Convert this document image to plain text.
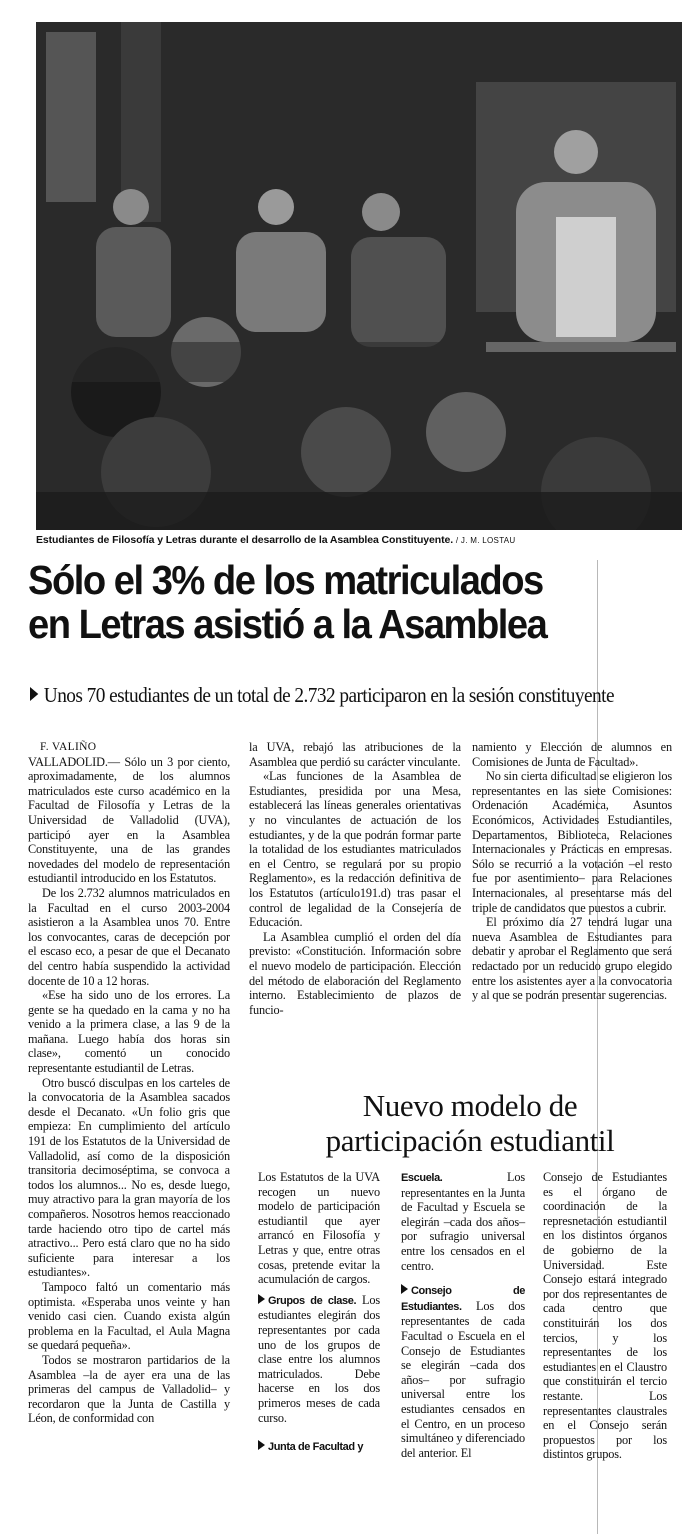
Estudiantes de Filosofía y Letras durante el desarrollo de la Asamblea Constituyente. / J. M. LOSTAU
Sólo el 3% de los matriculados
en Letras asistió a la Asamblea
Unos 70 estudiantes de un total de 2.732 participaron en la sesión constituyente

F. VALIÑO

VALLADOLID.— Sólo un 3 por ciento, aproximadamente, de los alumnos matriculados este curso académico en la Facultad de Filosofía y Letras de la Universidad de Valladolid (UVA), participó ayer en la Asamblea Constituyente, una de las grandes novedades del modelo de representación estudiantil introducido en los Estatutos.

De los 2.732 alumnos matriculados en la Facultad en el curso 2003-2004 asistieron a la Asamblea unos 70. Entre los convocantes, caras de decepción por el escaso eco, a pesar de que el Decanato del centro había suspendido la actividad docente de 10 a 12 horas.

«Ese ha sido uno de los errores. La gente se ha quedado en la cama y no ha venido a la primera clase, a las 9 de la mañana. Luego había dos horas sin clase», comentó un conocido representante estudiantil de Letras.

Otro buscó disculpas en los carteles de la convocatoria de la Asamblea sacados desde el Decanato. «Un folio gris que empieza: En cumplimiento del artículo 191 de los Estatutos de la Universidad de Valladolid, así como de la disposición transitoria decimoséptima, se convoca a todos los alumnos... No es, desde luego, muy atractivo para la gran mayoría de los compañeros. Nosotros hemos reaccionado tarde haciendo otro tipo de cartel más atractivo... Pero está claro que no ha sido suficiente para interesar a los estudiantes».

Tampoco faltó un comentario más optimista. «Esperaba unos veinte y han venido casi cien. Cuando exista algún problema en la Facultad, el Aula Magna se quedará pequeña».

Todos se mostraron partidarios de la Asamblea –la de ayer era una de las primeras del campus de Valladolid– y recordaron que la Junta de Castilla y Léon, de conformidad con

la UVA, rebajó las atribuciones de la Asamblea que perdió su carácter vinculante.

«Las funciones de la Asamblea de Estudiantes, presidida por una Mesa, establecerá las líneas generales orientativas y no vinculantes de actuación de los estudiantes, y de la que podrán formar parte la totalidad de los estudiantes matriculados en el Centro, se regulará por su propio Reglamento», es la redacción definitiva de los Estatutos (artículo191.d) tras pasar el control de legalidad de la Consejería de Educación.

La Asamblea cumplió el orden del día previsto: «Constitución. Información sobre el nuevo modelo de participación. Elección del método de elaboración del Reglamento interno. Establecimiento de plazos de funcio-

namiento y Elección de alumnos en Comisiones de Junta de Facultad».

No sin cierta dificultad se eligieron los representantes en las siete Comisiones: Ordenación Académica, Asuntos Económicos, Actividades Estudiantiles, Departamentos, Biblioteca, Relaciones Internacionales y Prácticas en empresas. Sólo se recurrió a la votación –el resto fue por asentimiento– para Relaciones Internacionales, al presentarse más del triple de candidatos que puestos a cubrir.

El próximo día 27 tendrá lugar una nueva Asamblea de Estudiantes para debatir y aprobar el Reglamento que será redactado por un reducido grupo elegido entre los asistentes ayer a la convocatoria y al que se podrán presentar sugerencias.

Nuevo modelo de
participación estudiantil

Los Estatutos de la UVA recogen un nuevo modelo de participación estudiantil que ayer arrancó en Filosofía y Letras y que, entre otras cosas, pretende evitar la acumulación de cargos.

Grupos de clase. Los estudiantes elegirán dos representantes por cada uno de los grupos de clase entre los alumnos matriculados. Debe hacerse en los dos primeros meses de cada curso.

Junta de Facultad y

Escuela.	Los representantes en la Junta de Facultad y Escuela se elegirán –cada dos años– por sufragio universal entre los censados en el centro.

Consejo de Estudiantes. Los dos representantes de cada Facultad o Escuela en el Consejo de Estudiantes se elegirán –cada dos años– por sufragio universal entre los estudiantes censados en el Centro, en un proceso simultáneo y diferenciado del anterior. El

Consejo de Estudiantes es el órgano de coordinación de la represnetación estudiantil en los distintos órganos de gobierno de la Universidad. Este Consejo estará integrado por dos representantes de cada centro que constituirán los dos tercios, y los representantes de los estudiantes en el Claustro que constituirán el tercio restante. Los representantes claustrales en el Consejo serán propuestos por los distintos grupos.
